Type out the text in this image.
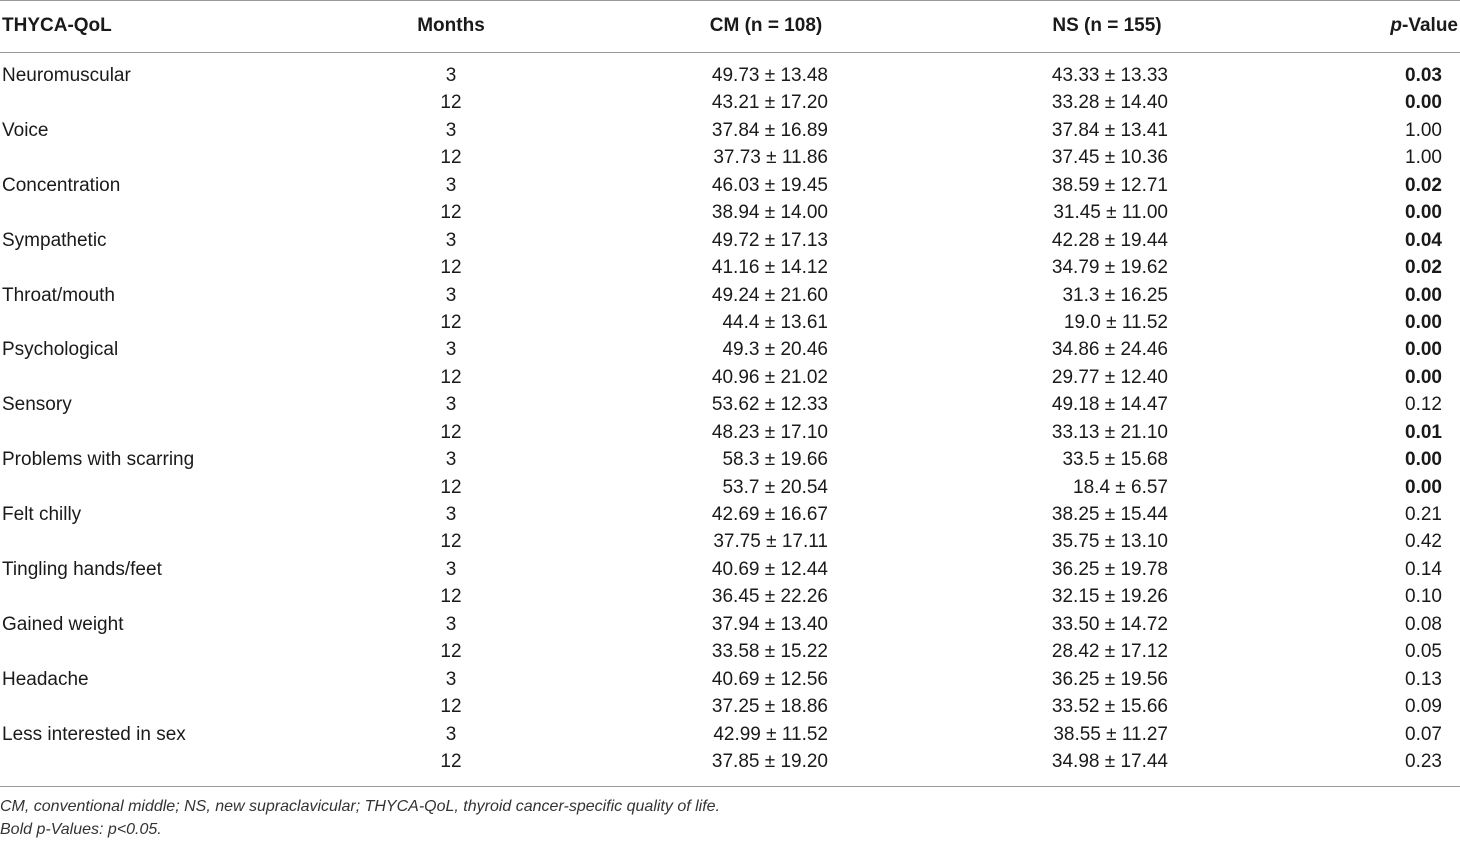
THYCA-QoL	Months	CM (n = 108)	NS (n = 155)	p-Value
Neuromuscular	3	49.73 ± 13.48	43.33 ± 13.33	0.03
12	43.21 ± 17.20	33.28 ± 14.40	0.00
Voice	3	37.84 ± 16.89	37.84 ± 13.41	1.00
12	37.73 ± 11.86	37.45 ± 10.36	1.00
Concentration	3	46.03 ± 19.45	38.59 ± 12.71	0.02
12	38.94 ± 14.00	31.45 ± 11.00	0.00
Sympathetic	3	49.72 ± 17.13	42.28 ± 19.44	0.04
12	41.16 ± 14.12	34.79 ± 19.62	0.02
Throat/mouth	3	49.24 ± 21.60	31.3 ± 16.25	0.00
12	44.4 ± 13.61	19.0 ± 11.52	0.00
Psychological	3	49.3 ± 20.46	34.86 ± 24.46	0.00
12	40.96 ± 21.02	29.77 ± 12.40	0.00
Sensory	3	53.62 ± 12.33	49.18 ± 14.47	0.12
12	48.23 ± 17.10	33.13 ± 21.10	0.01
Problems with scarring	3	58.3 ± 19.66	33.5 ± 15.68	0.00
12	53.7 ± 20.54	18.4 ± 6.57	0.00
Felt chilly	3	42.69 ± 16.67	38.25 ± 15.44	0.21
12	37.75 ± 17.11	35.75 ± 13.10	0.42
Tingling hands/feet	3	40.69 ± 12.44	36.25 ± 19.78	0.14
12	36.45 ± 22.26	32.15 ± 19.26	0.10
Gained weight	3	37.94 ± 13.40	33.50 ± 14.72	0.08
12	33.58 ± 15.22	28.42 ± 17.12	0.05
Headache	3	40.69 ± 12.56	36.25 ± 19.56	0.13
12	37.25 ± 18.86	33.52 ± 15.66	0.09
Less interested in sex	3	42.99 ± 11.52	38.55 ± 11.27	0.07
12	37.85 ± 19.20	34.98 ± 17.44	0.23
CM, conventional middle; NS, new supraclavicular; THYCA-QoL, thyroid cancer-specific quality of life.
Bold p-Values: p<0.05.
